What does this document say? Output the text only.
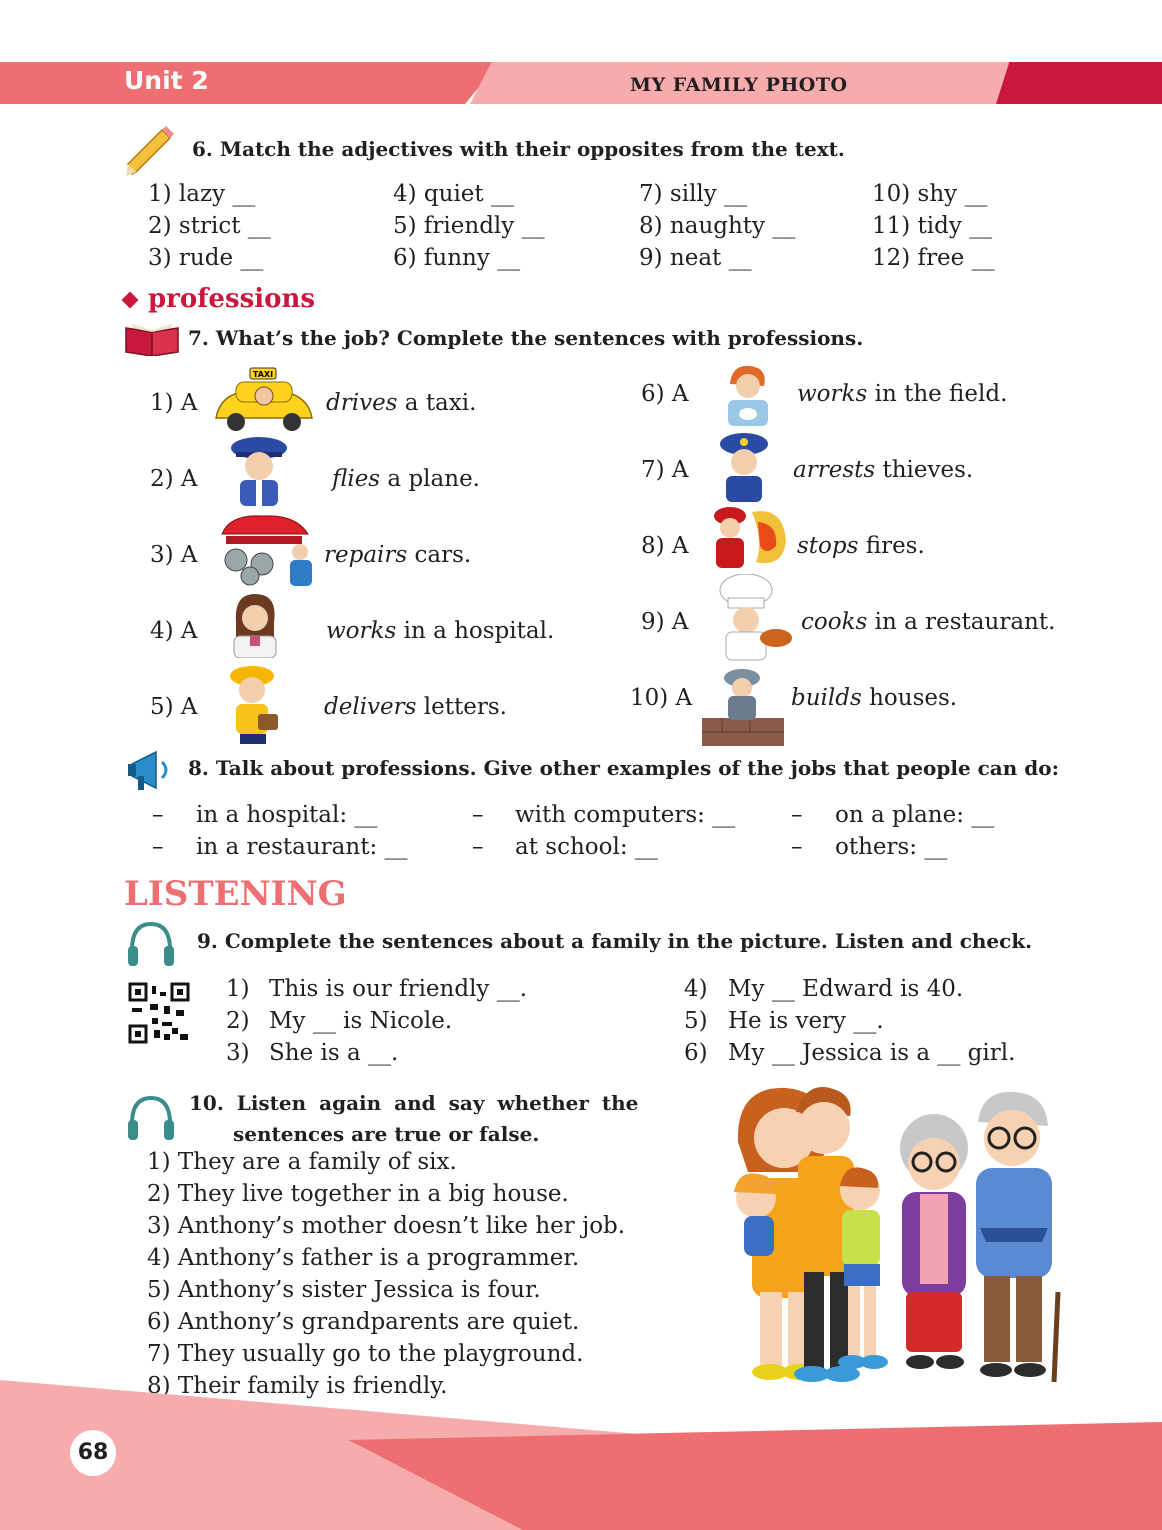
Unit 2	MY FAMILY PHOTO
6. Match the adjectives with their opposites from the text.
1) lazy __
2) strict __
3) rude __
4) quiet __
5) friendly __
6) funny __
7) silly __
8) naughty __
9) neat __
10) shy __
11) tidy __
12) free __
professions
7. What’s the job? Complete the sentences with professions.
1) A
TAXI
drives a taxi.
2) A	flies a plane.
3) A	repairs cars.
4) A	works in a hospital.
5) A	delivers letters.
6) A	works in the field.
7) A	arrests thieves.
8) A	stops fires.
9) A	cooks in a restaurant.
10) A	builds houses.
8. Talk about professions. Give other examples of the jobs that people can do:
– in a hospital: __
– in a restaurant: __
– with computers: __
– at school: __
– on a plane: __
– others: __
LISTENING
9. Complete the sentences about a family in the picture. Listen and check.
1) This is our friendly __.
2) My __ is Nicole.
3) She is a __.
4) My __ Edward is 40.
5) He is very __.
6) My __ Jessica is a __ girl.
10. Listen again and say whether the
sentences are true or false.
1) They are a family of six.
2) They live together in a big house.
3) Anthony’s mother doesn’t like her job.
4) Anthony’s father is a programmer.
5) Anthony’s sister Jessica is four.
6) Anthony’s grandparents are quiet.
7) They usually go to the playground.
8) Their family is friendly.
68
